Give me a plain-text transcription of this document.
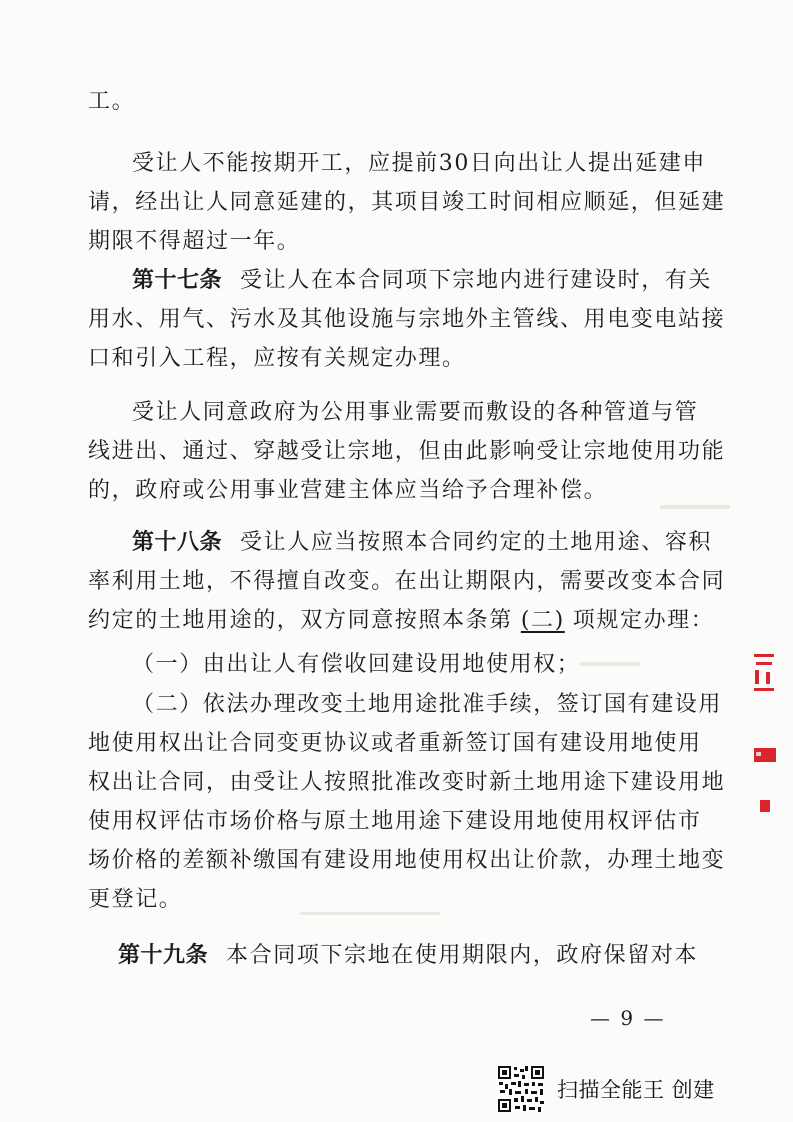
工。
受让人不能按期开工，应提前30日向出让人提出延建申
请，经出让人同意延建的，其项目竣工时间相应顺延，但延建
期限不得超过一年。
第十七条 受让人在本合同项下宗地内进行建设时，有关
用水、用气、污水及其他设施与宗地外主管线、用电变电站接
口和引入工程，应按有关规定办理。
受让人同意政府为公用事业需要而敷设的各种管道与管
线进出、通过、穿越受让宗地，但由此影响受让宗地使用功能
的，政府或公用事业营建主体应当给予合理补偿。
第十八条 受让人应当按照本合同约定的土地用途、容积
率利用土地，不得擅自改变。在出让期限内，需要改变本合同
约定的土地用途的，双方同意按照本条第 (二) 项规定办理：
（一）由出让人有偿收回建设用地使用权；
（二）依法办理改变土地用途批准手续，签订国有建设用
地使用权出让合同变更协议或者重新签订国有建设用地使用
权出让合同，由受让人按照批准改变时新土地用途下建设用地
使用权评估市场价格与原土地用途下建设用地使用权评估市
场价格的差额补缴国有建设用地使用权出让价款，办理土地变
更登记。
第十九条 本合同项下宗地在使用期限内，政府保留对本
— 9 —
扫描全能王 创建
